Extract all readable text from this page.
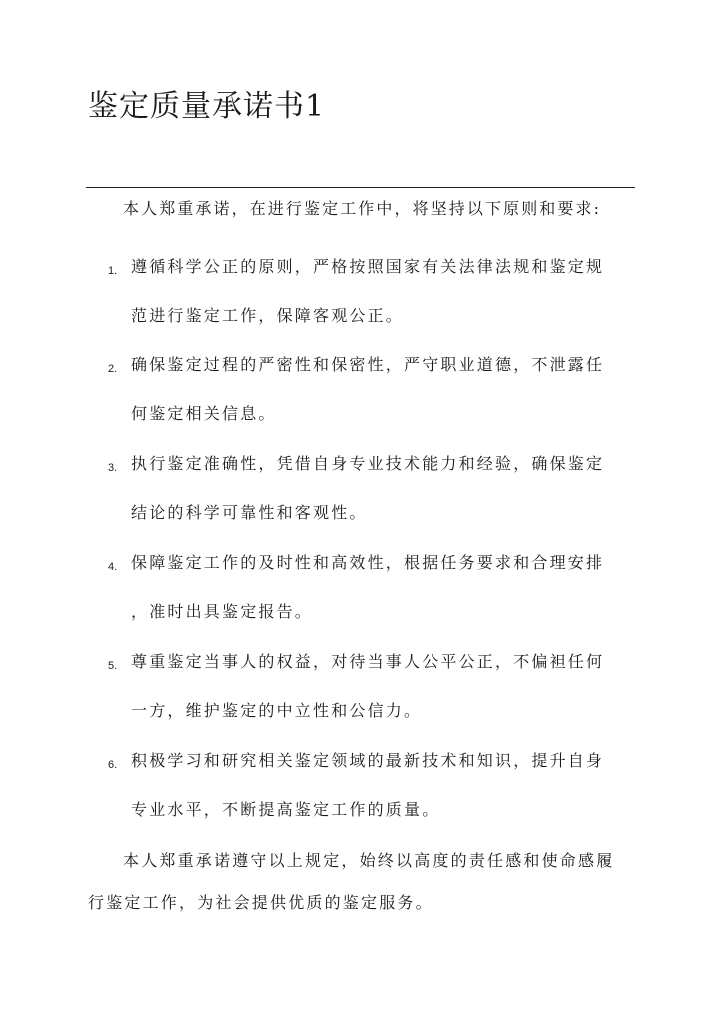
鉴定质量承诺书1
本人郑重承诺，在进行鉴定工作中，将坚持以下原则和要求:
1. 遵循科学公正的原则，严格按照国家有关法律法规和鉴定规
范进行鉴定工作，保障客观公正。
2. 确保鉴定过程的严密性和保密性，严守职业道德，不泄露任
何鉴定相关信息。
3. 执行鉴定准确性，凭借自身专业技术能力和经验，确保鉴定
结论的科学可靠性和客观性。
4. 保障鉴定工作的及时性和高效性，根据任务要求和合理安排
，准时出具鉴定报告。
5. 尊重鉴定当事人的权益，对待当事人公平公正，不偏袒任何
一方，维护鉴定的中立性和公信力。
6. 积极学习和研究相关鉴定领域的最新技术和知识，提升自身
专业水平，不断提高鉴定工作的质量。
本人郑重承诺遵守以上规定，始终以高度的责任感和使命感履
行鉴定工作，为社会提供优质的鉴定服务。
